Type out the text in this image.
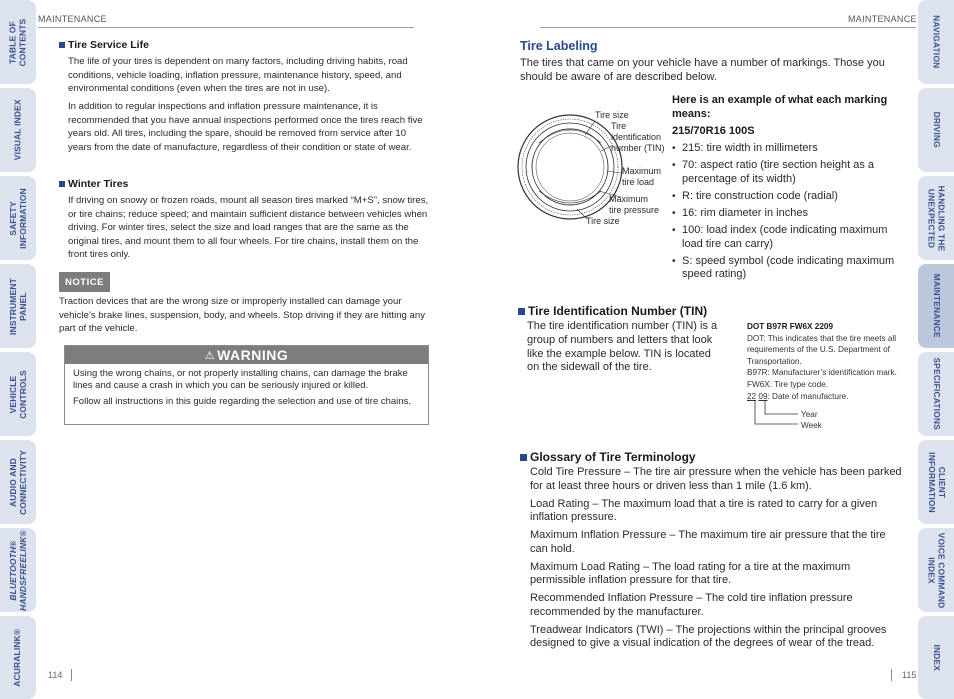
TABLE OF
CONTENTS
VISUAL INDEX
SAFETY
INFORMATION
INSTRUMENT
PANEL
VEHICLE
CONTROLS
AUDIO AND
CONNECTIVITY
BLUETOOTH®
HANDSFREELINK®
ACURALINK®
NAVIGATION
DRIVING
HANDLING THE
UNEXPECTED
MAINTENANCE
SPECIFICATIONS
CLIENT
INFORMATION
VOICE COMMAND
INDEX
INDEX
MAINTENANCE
Tire Service Life
The life of your tires is dependent on many factors, including driving habits, road conditions, vehicle loading, inflation pressure, maintenance history, speed, and environmental conditions (even when the tires are not in use).
In addition to regular inspections and inflation pressure maintenance, it is recommended that you have annual inspections performed once the tires reach five years old. All tires, including the spare, should be removed from service after 10 years from the date of manufacture, regardless of their condition or state of wear.
Winter Tires
If driving on snowy or frozen roads, mount all season tires marked “M+S”, snow tires, or tire chains; reduce speed; and maintain sufficient distance between vehicles when driving. For winter tires, select the size and load ranges that are the same as the original tires, and mount them to all four wheels. For tire chains, install them on the front tires only.
NOTICE
Traction devices that are the wrong size or improperly installed can damage your vehicle’s brake lines, suspension, body, and wheels. Stop driving if they are hitting any part of the vehicle.
⚠ WARNING
Using the wrong chains, or not properly installing chains, can damage the brake lines and cause a crash in which you can be seriously injured or killed.
Follow all instructions in this guide regarding the selection and use of tire chains.
114
MAINTENANCE
Tire Labeling
The tires that came on your vehicle have a number of markings. Those you should be aware of are described below.
Tire size
Tire
identification
number (TIN)
Maximum
tire load
Maximum
tire pressure
Tire size
Here is an example of what each marking means:
215/70R16 100S
• 215: tire width in millimeters
• 70: aspect ratio (tire section height as a percentage of its width)
• R: tire construction code (radial)
• 16: rim diameter in inches
• 100: load index (code indicating maximum load tire can carry)
• S: speed symbol (code indicating maximum speed rating)
Tire Identification Number (TIN)
The tire identification number (TIN) is a group of numbers and letters that look like the example below. TIN is located on the sidewall of the tire.
DOT B97R FW6X 2209
DOT: This indicates that the tire meets all requirements of the U.S. Department of Transportation.
B97R: Manufacturer’s identification mark.
FW6X: Tire type code.
22 09: Date of manufacture.
Year
Week
Glossary of Tire Terminology

Cold Tire Pressure – The tire air pressure when the vehicle has been parked for at least three hours or driven less than 1 mile (1.6 km).

Load Rating – The maximum load that a tire is rated to carry for a given inflation pressure.

Maximum Inflation Pressure – The maximum tire air pressure that the tire can hold.

Maximum Load Rating – The load rating for a tire at the maximum permissible inflation pressure for that tire.

Recommended Inflation Pressure – The cold tire inflation pressure recommended by the manufacturer.

Treadwear Indicators (TWI) – The projections within the principal grooves designed to give a visual indication of the degrees of wear of the tread.

115
